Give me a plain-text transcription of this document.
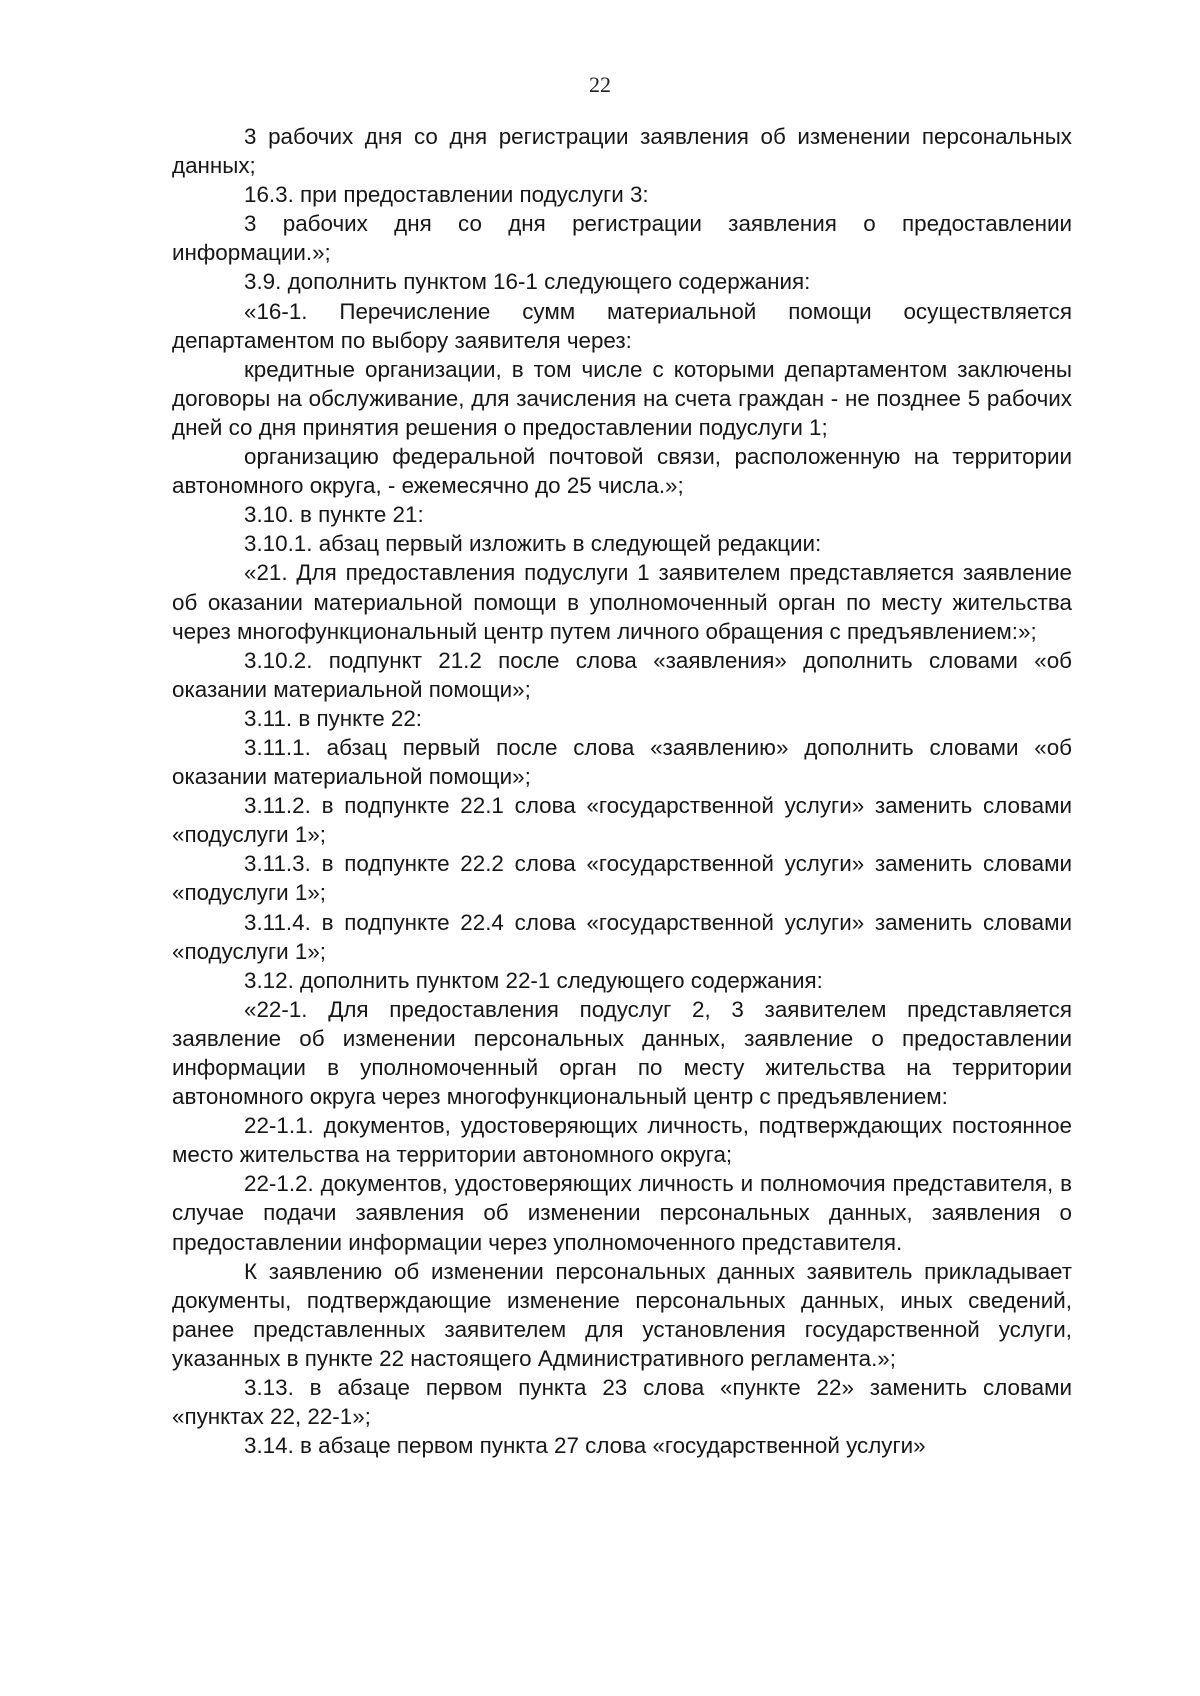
22

3 рабочих дня со дня регистрации заявления об изменении персональных данных;

16.3. при предоставлении подуслуги 3:

3 рабочих дня со дня регистрации заявления о предоставлении информации.»;

3.9. дополнить пунктом 16-1 следующего содержания:

«16-1. Перечисление сумм материальной помощи осуществляется департаментом по выбору заявителя через:

кредитные организации, в том числе с которыми департаментом заключены договоры на обслуживание, для зачисления на счета граждан - не позднее 5 рабочих дней со дня принятия решения о предоставлении подуслуги 1;

организацию федеральной почтовой связи, расположенную на территории автономного округа, - ежемесячно до 25 числа.»;

3.10. в пункте 21:

3.10.1. абзац первый изложить в следующей редакции:

«21. Для предоставления подуслуги 1 заявителем представляется заявление об оказании материальной помощи в уполномоченный орган по месту жительства через многофункциональный центр путем личного обращения с предъявлением:»;

3.10.2. подпункт 21.2 после слова «заявления» дополнить словами «об оказании материальной помощи»;

3.11. в пункте 22:

3.11.1. абзац первый после слова «заявлению» дополнить словами «об оказании материальной помощи»;

3.11.2. в подпункте 22.1 слова «государственной услуги» заменить словами «подуслуги 1»;

3.11.3. в подпункте 22.2 слова «государственной услуги» заменить словами «подуслуги 1»;

3.11.4. в подпункте 22.4 слова «государственной услуги» заменить словами «подуслуги 1»;

3.12. дополнить пунктом 22-1 следующего содержания:

«22-1. Для предоставления подуслуг 2, 3 заявителем представляется заявление об изменении персональных данных, заявление о предоставлении информации в уполномоченный орган по месту жительства на территории автономного округа через многофункциональный центр с предъявлением:

22-1.1. документов, удостоверяющих личность, подтверждающих постоянное место жительства на территории автономного округа;

22-1.2. документов, удостоверяющих личность и полномочия представителя, в случае подачи заявления об изменении персональных данных, заявления о предоставлении информации через уполномоченного представителя.

К заявлению об изменении персональных данных заявитель прикладывает документы, подтверждающие изменение персональных данных, иных сведений, ранее представленных заявителем для установления государственной услуги, указанных в пункте 22 настоящего Административного регламента.»;

3.13. в абзаце первом пункта 23 слова «пункте 22» заменить словами «пунктах 22, 22-1»;

3.14. в абзаце первом пункта 27 слова «государственной услуги»
